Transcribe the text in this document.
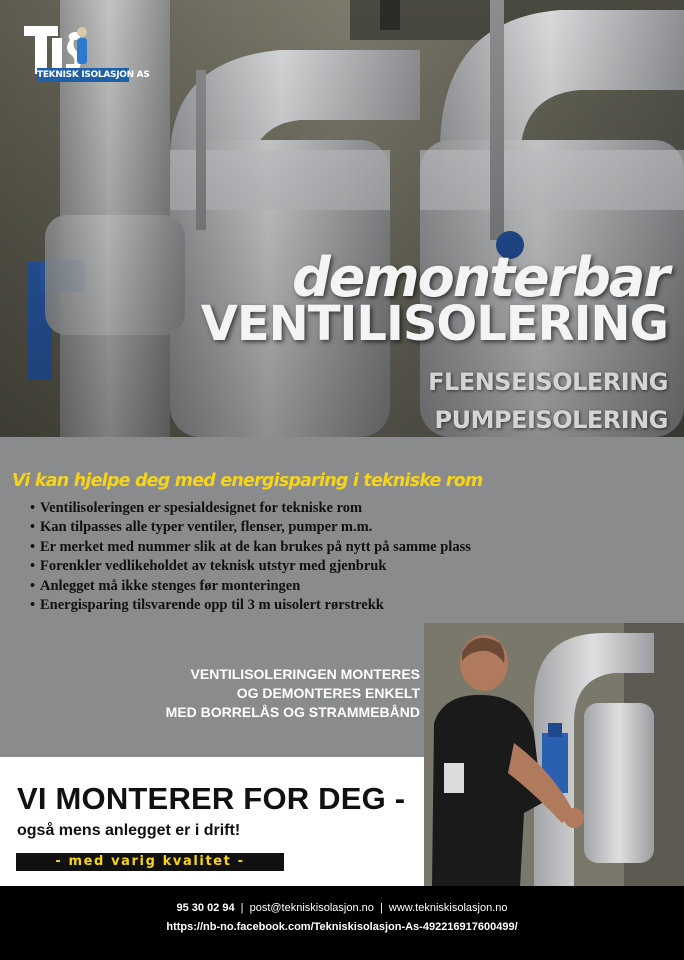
TEKNISK ISOLASJON AS
demonterbar
VENTILISOLERING
FLENSEISOLERING
PUMPEISOLERING
Vi kan hjelpe deg med energisparing i tekniske rom
• Ventilisoleringen er spesialdesignet for tekniske rom
• Kan tilpasses alle typer ventiler, flenser, pumper m.m.
• Er merket med nummer slik at de kan brukes på nytt på samme plass
• Forenkler vedlikeholdet av teknisk utstyr med gjenbruk
• Anlegget må ikke stenges før monteringen
• Energisparing tilsvarende opp til 3 m uisolert rørstrekk
VENTILISOLERINGEN MONTERES
OG DEMONTERES ENKELT
MED BORRELÅS OG STRAMMEBÅND
VI MONTERER FOR DEG -
også mens anlegget er i drift!
- med varig kvalitet -
95 30 02 94 | post@tekniskisolasjon.no | www.tekniskisolasjon.no
https://nb-no.facebook.com/Tekniskisolasjon-As-492216917600499/
